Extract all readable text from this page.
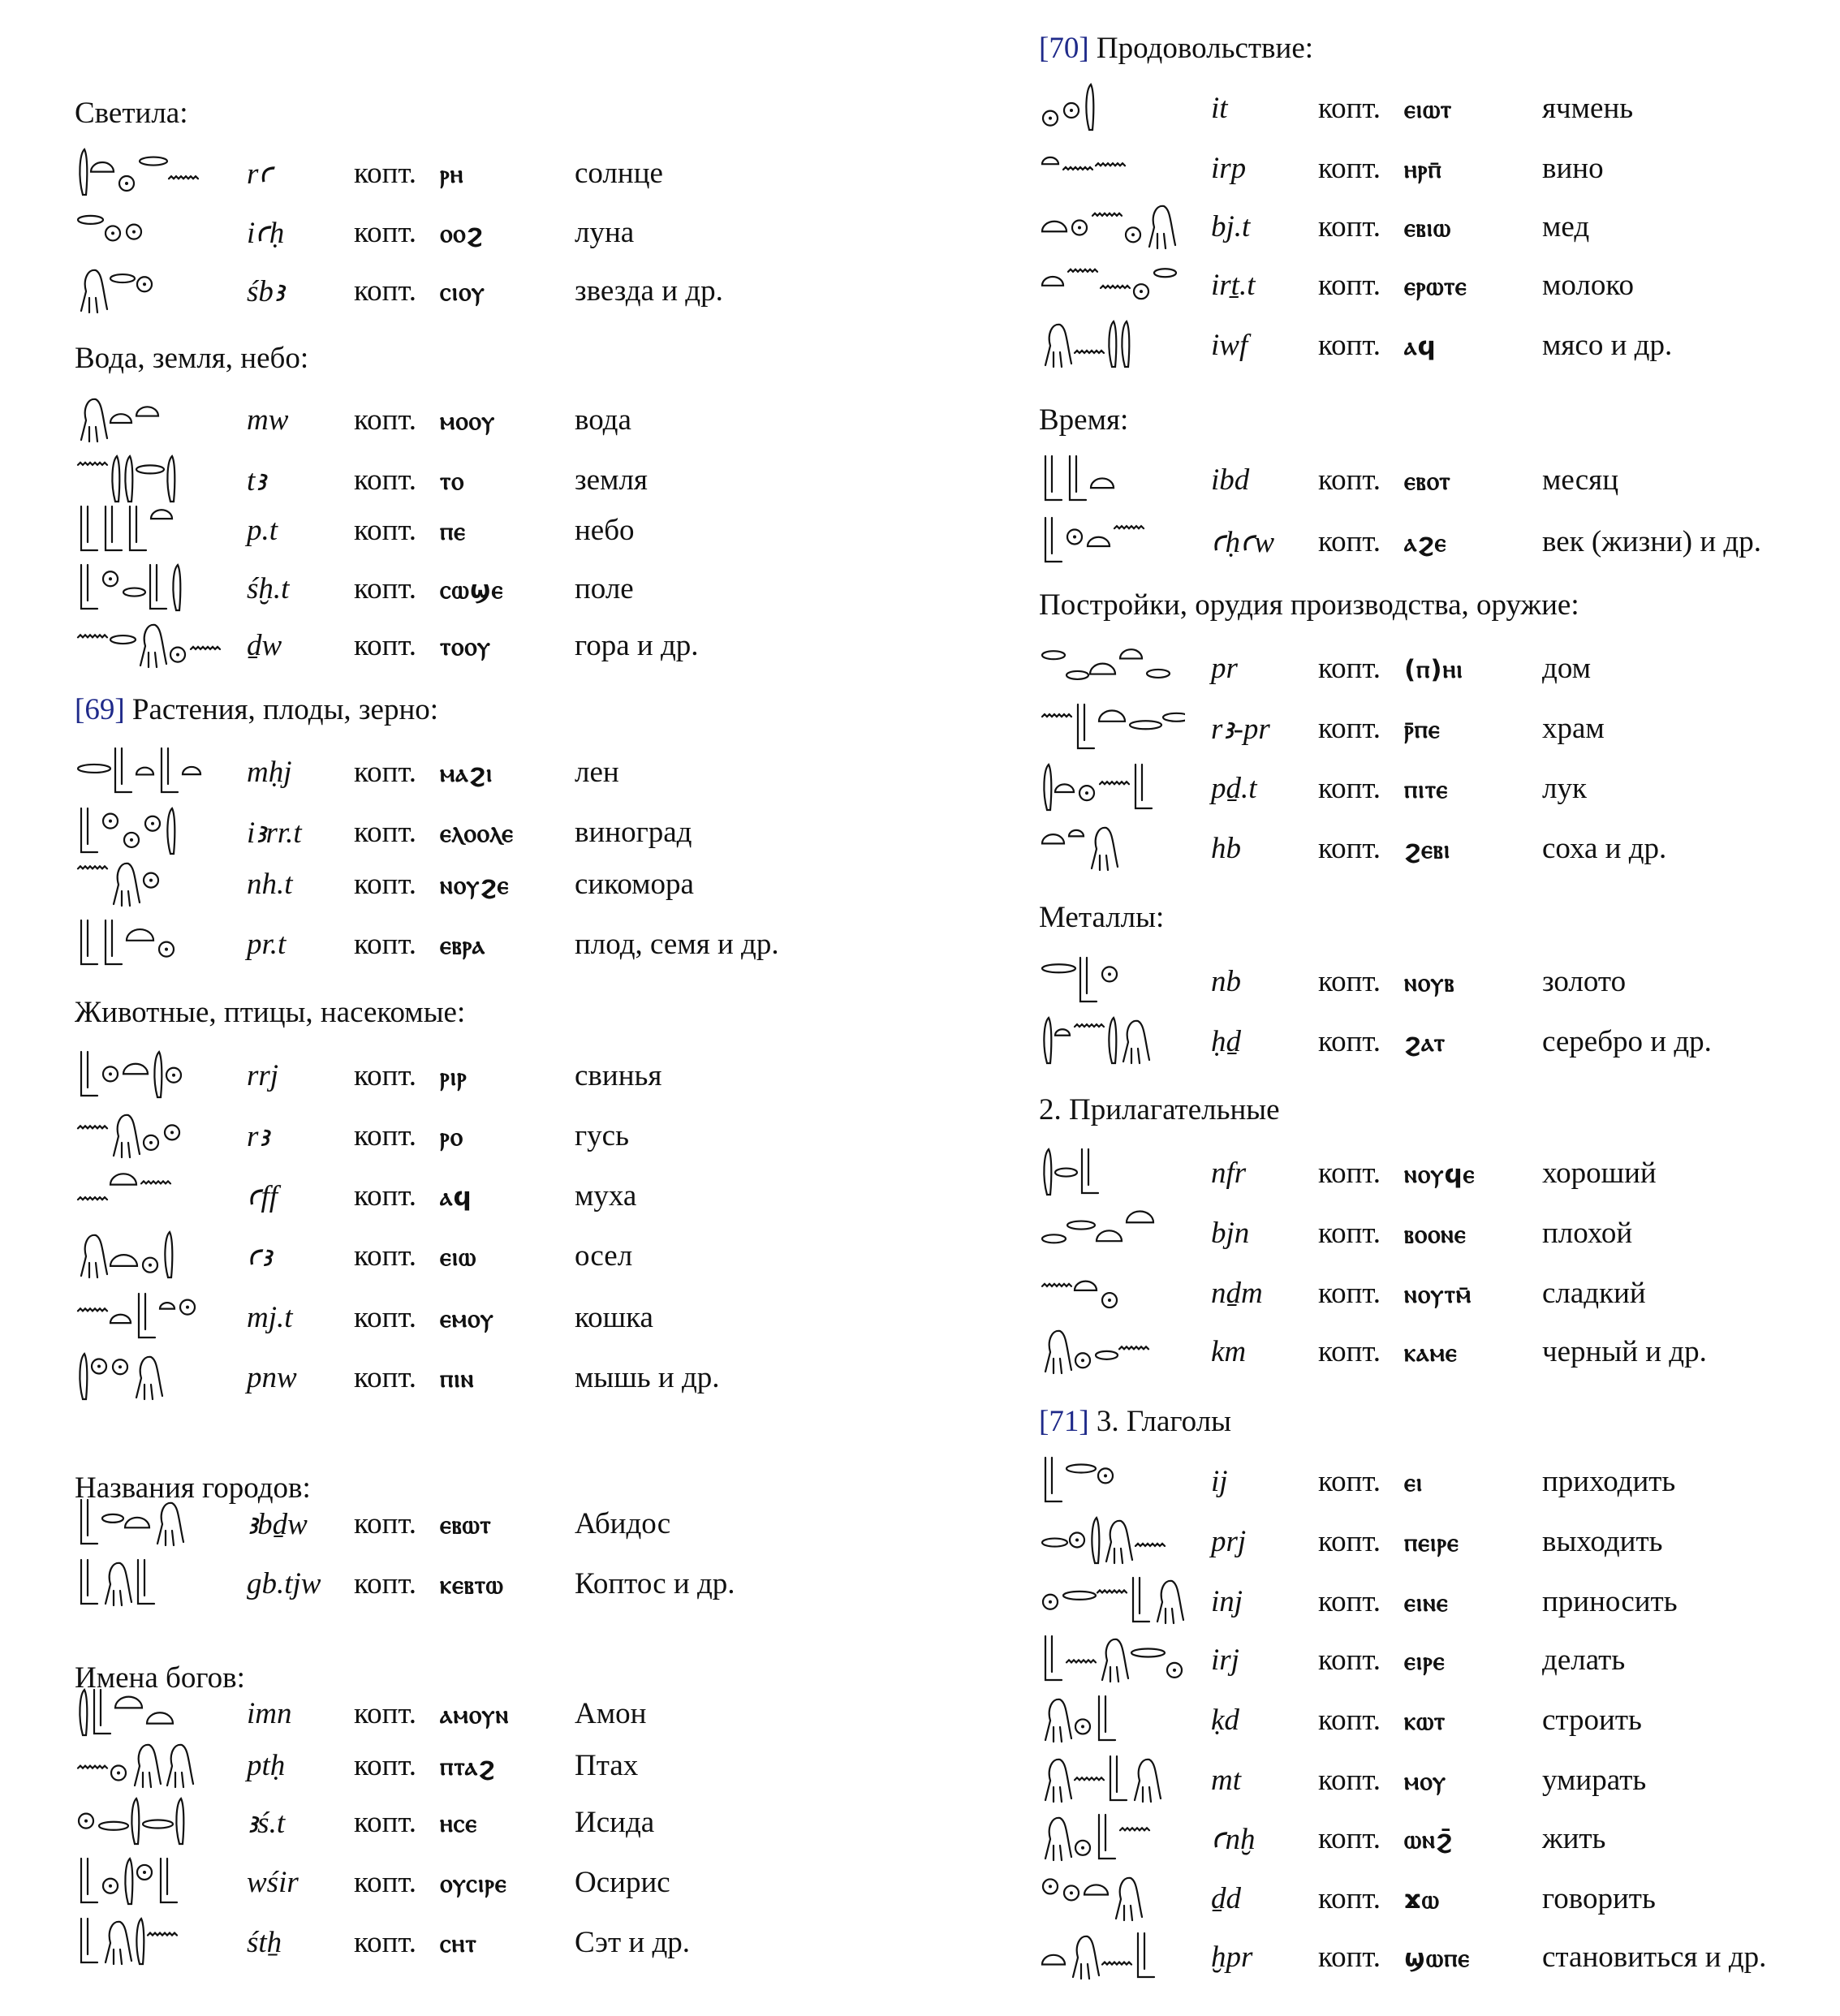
Светила:
rꜥ	копт. ⲣⲏ	солнце
iꜥḥ копт. ⲟⲟϩ	луна
śbꜣ копт. ⲥⲓⲟⲩ	звезда и др.
Вода, земля, небо:
mw копт. ⲙⲟⲟⲩ	вода
tꜣ	копт. ⲧⲟ	земля
p.t	копт. ⲡⲉ	небо
śḫ.t копт. ⲥⲱϣⲉ поле
ḏw копт. ⲧⲟⲟⲩ	гора и др.
[69] Растения, плоды, зерно:
mḥj копт. ⲙⲁϩⲓ	лен
iꜣrr.t копт. ⲉⲗⲟⲟⲗⲉ виноград
nh.t копт. ⲛⲟⲩϩⲉ сикомора
pr.t копт. ⲉⲃⲣⲁ	плод, семя и др.
Животные, птицы, насекомые:
rrj	копт. ⲣⲓⲣ	свинья
rꜣ	копт. ⲣⲟ	гусь
ꜥff	копт. ⲁϥ	муха
ꜥꜣ	копт. ⲉⲓⲱ	осел
mj.t копт. ⲉⲙⲟⲩ	кошка
pnw копт. ⲡⲓⲛ	мышь и др.
Названия городов:
ꜣbḏw копт. ⲉⲃⲱⲧ	Абидос
gb.tjw копт. ⲕⲉⲃⲧⲱ Коптос и др.
Имена богов:
imn копт. ⲁⲙⲟⲩⲛ Амон
ptḥ копт. ⲡⲧⲁϩ	Птах
ꜣś.t копт. ⲏⲥⲉ	Исида
wśir копт. ⲟⲩⲥⲓⲣⲉ Осирис
śtẖ копт. ⲥⲏⲧ	Сэт и др.
[70] Продовольствие:
it	копт. ⲉⲓⲱⲧ	ячмень
irp копт. ⲏⲣⲡ̄	вино
bj.t копт. ⲉⲃⲓⲱ	мед
irṯ.t копт. ⲉⲣⲱⲧⲉ молоко
iwf копт. ⲁϥ	мясо и др.
Время:
ibd копт. ⲉⲃⲟⲧ	месяц
ꜥḥꜥw копт. ⲁϩⲉ	век (жизни) и др.
Постройки, орудия производства, оружие:
pr	копт. (ⲡ)ⲏⲓ	дом
rꜣ-pr копт. ⲣ̄ⲡⲉ	храм
pḏ.t копт. ⲡⲓⲧⲉ	лук
hb	копт. ϩⲉⲃⲓ	соха и др.
Металлы:
nb	копт. ⲛⲟⲩⲃ	золото
ḥḏ	копт. ϩⲁⲧ	серебро и др.
2. Прилагательные
nfr копт. ⲛⲟⲩϥⲉ хороший
bjn копт. ⲃⲟⲟⲛⲉ	плохой
nḏm копт. ⲛⲟⲩⲧⲙ̄ сладкий
km копт. ⲕⲁⲙⲉ	черный и др.
[71] 3. Глаголы
ij	копт. ⲉⲓ	приходить
prj копт. ⲡⲉⲓⲣⲉ	выходить
inj	копт. ⲉⲓⲛⲉ	приносить
irj	копт. ⲉⲓⲣⲉ	делать
ḳd	копт. ⲕⲱⲧ	строить
mt	копт. ⲙⲟⲩ	умирать
ꜥnḫ копт. ⲱⲛϩ̄	жить
ḏd	копт. ϫⲱ	говорить
ḫpr копт. ϣⲱⲡⲉ становиться и др.
